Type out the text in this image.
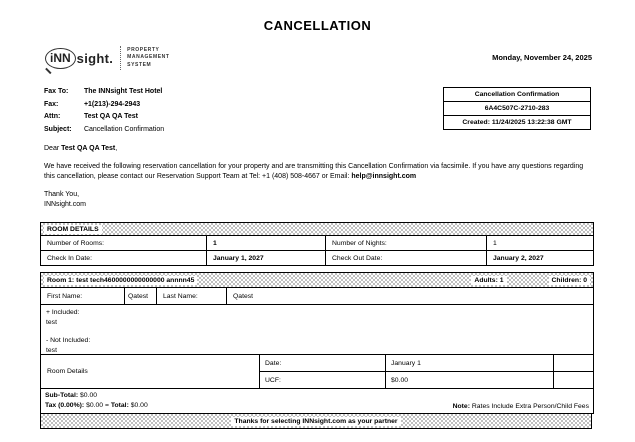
CANCELLATION
iNN sight.
PROPERTY
MANAGEMENT
SYSTEM
Monday, November 24, 2025
Fax To: The INNsight Test Hotel
Fax:	+1(213)-294-2943
Attn:	Test QA QA Test
Subject: Cancellation Confirmation
Cancellation Confirmation
6A4C507C-2710-283
Created: 11/24/2025 13:22:38 GMT
Dear Test QA QA Test,
We have received the following reservation cancellation for your property and are transmitting this Cancellation Confirmation via facsimile. If you have any questions regarding this cancellation, please contact our Reservation Support Team at Tel: +1 (408) 508-4667 or Email: help@innsight.com
Thank You,
INNsight.com
ROOM DETAILS
Number of Rooms:	1	Number of Nights:	1
Check In Date:	January 1, 2027	Check Out Date:	January 2, 2027
Room 1: test tech4600000000000000 annnn45	Adults: 1	Children: 0
First Name:	Qatest	Last Name:	Qatest
+ Included:
test
- Not Included:
test
Room Details
Date:	January 1
UCF:	$0.00
Sub-Total: $0.00
Tax (0.00%): $0.00 = Total: $0.00	Note: Rates Include Extra Person/Child Fees
Thanks for selecting INNsight.com as your partner
